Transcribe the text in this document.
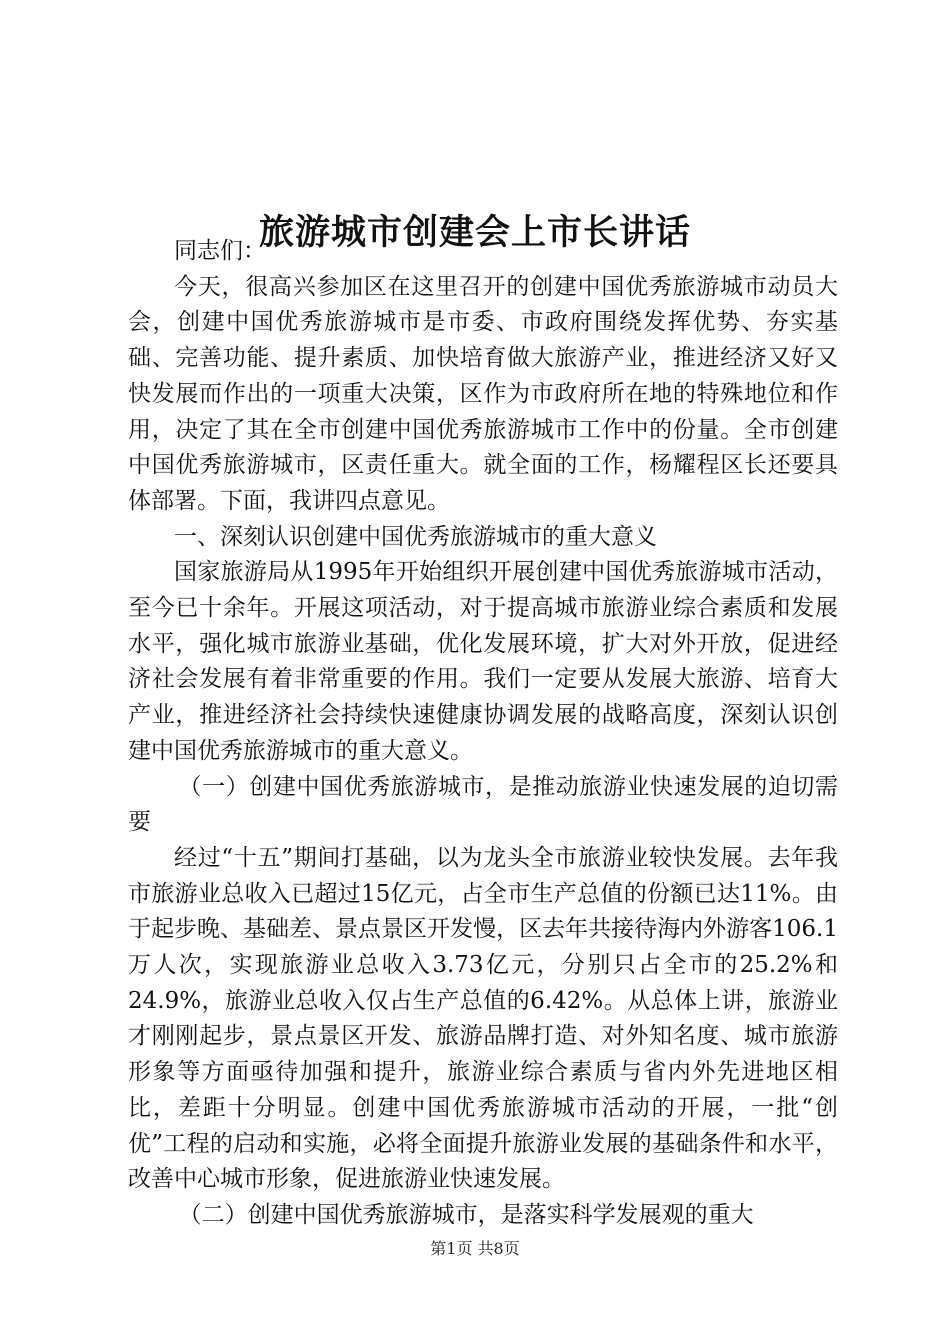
旅游城市创建会上市长讲话

同志们：

今天，很高兴参加区在这里召开的创建中国优秀旅游城市动员大会，创建中国优秀旅游城市是市委、市政府围绕发挥优势、夯实基础、完善功能、提升素质、加快培育做大旅游产业，推进经济又好又快发展而作出的一项重大决策，区作为市政府所在地的特殊地位和作用，决定了其在全市创建中国优秀旅游城市工作中的份量。全市创建中国优秀旅游城市，区责任重大。就全面的工作，杨耀程区长还要具体部署。下面，我讲四点意见。

一、深刻认识创建中国优秀旅游城市的重大意义

国家旅游局从1995年开始组织开展创建中国优秀旅游城市活动，至今已十余年。开展这项活动，对于提高城市旅游业综合素质和发展水平，强化城市旅游业基础，优化发展环境，扩大对外开放，促进经济社会发展有着非常重要的作用。我们一定要从发展大旅游、培育大产业，推进经济社会持续快速健康协调发展的战略高度，深刻认识创建中国优秀旅游城市的重大意义。

（一）创建中国优秀旅游城市，是推动旅游业快速发展的迫切需要

经过“十五”期间打基础，以为龙头全市旅游业较快发展。去年我市旅游业总收入已超过15亿元，占全市生产总值的份额已达11%。由于起步晚、基础差、景点景区开发慢，区去年共接待海内外游客106.1万人次，实现旅游业总收入3.73亿元，分别只占全市的25.2%和24.9%，旅游业总收入仅占生产总值的6.42%。从总体上讲，旅游业才刚刚起步，景点景区开发、旅游品牌打造、对外知名度、城市旅游形象等方面亟待加强和提升，旅游业综合素质与省内外先进地区相比，差距十分明显。创建中国优秀旅游城市活动的开展，一批“创优”工程的启动和实施，必将全面提升旅游业发展的基础条件和水平，改善中心城市形象，促进旅游业快速发展。

（二）创建中国优秀旅游城市，是落实科学发展观的重大

第1页 共8页
